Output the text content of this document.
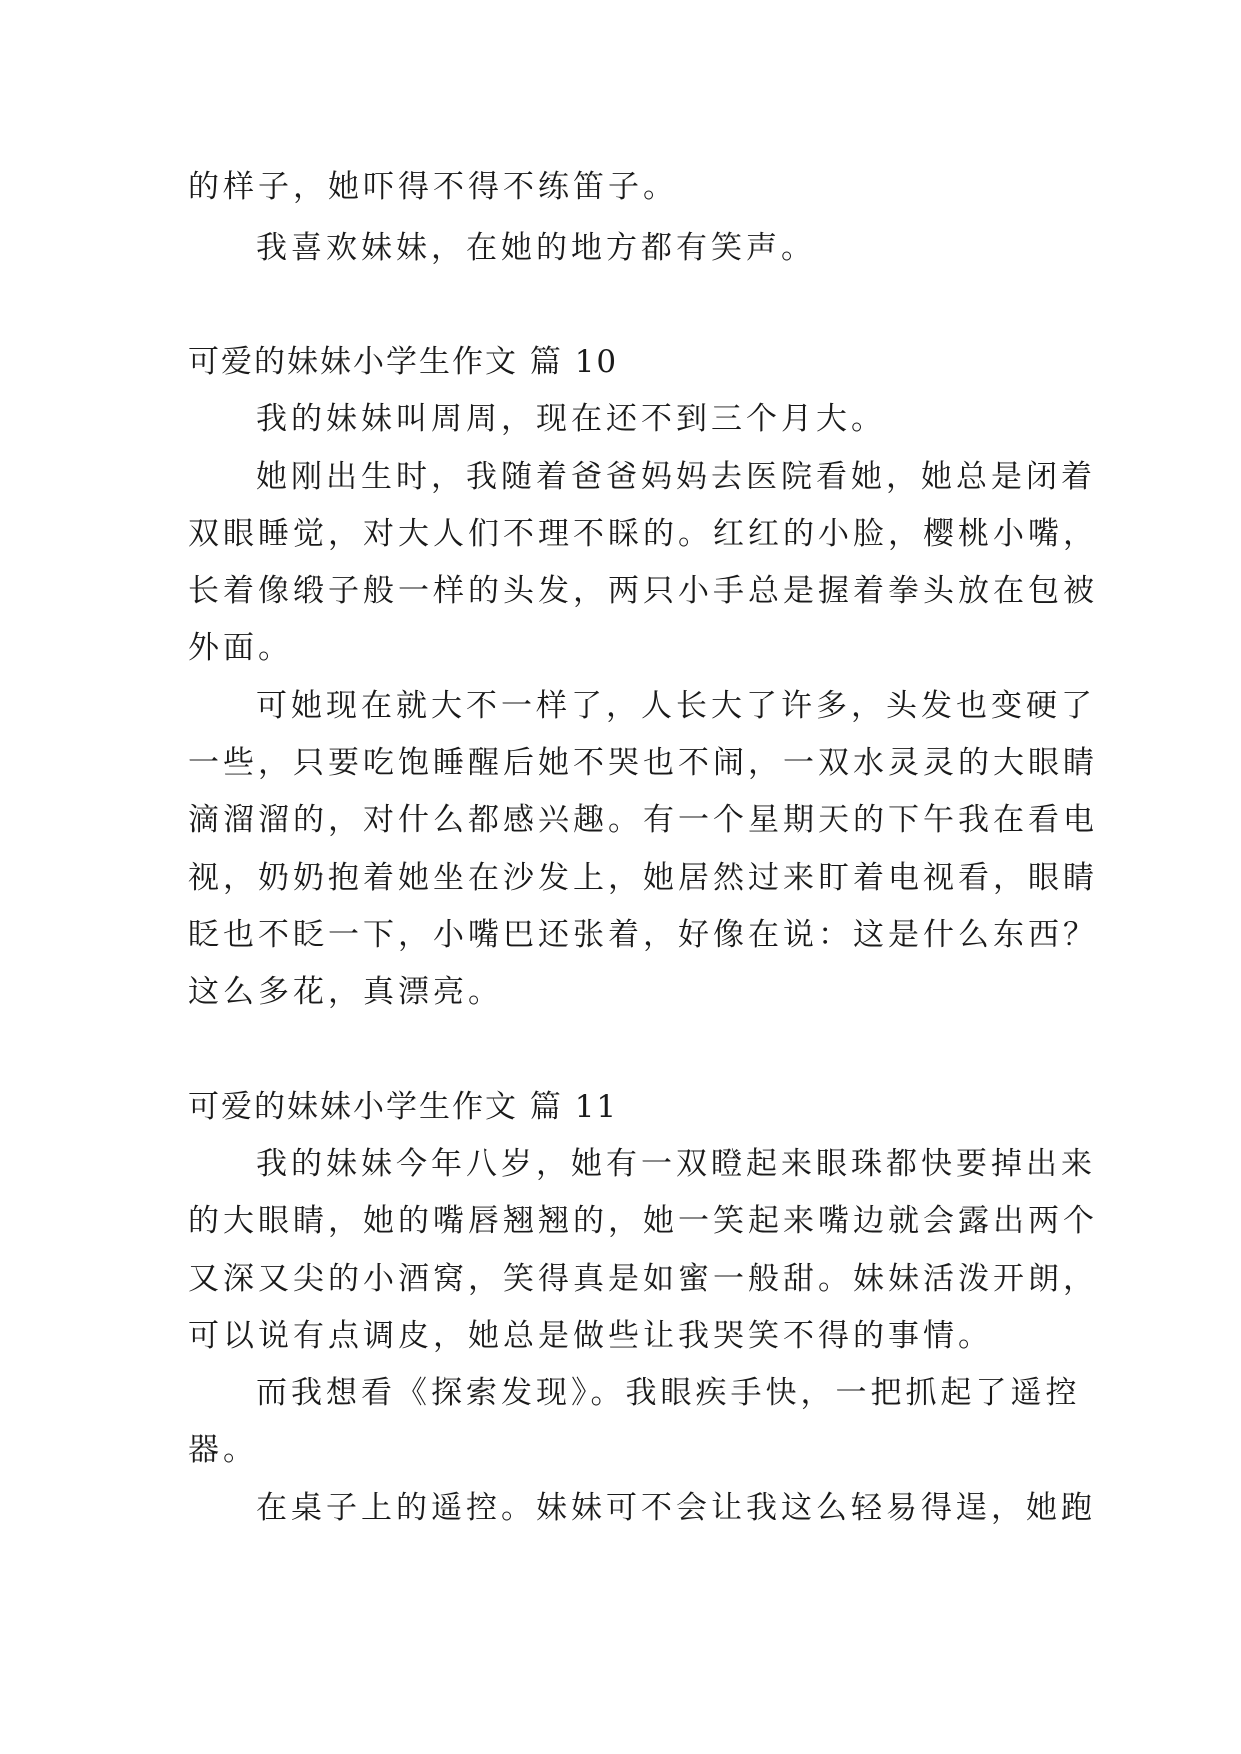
的样子，她吓得不得不练笛子。
我喜欢妹妹，在她的地方都有笑声。
可爱的妹妹小学生作文 篇 10
我的妹妹叫周周，现在还不到三个月大。
她刚出生时，我随着爸爸妈妈去医院看她，她总是闭着
双眼睡觉，对大人们不理不睬的。红红的小脸，樱桃小嘴，
长着像缎子般一样的头发，两只小手总是握着拳头放在包被
外面。
可她现在就大不一样了，人长大了许多，头发也变硬了
一些，只要吃饱睡醒后她不哭也不闹，一双水灵灵的大眼睛
滴溜溜的，对什么都感兴趣。有一个星期天的下午我在看电
视，奶奶抱着她坐在沙发上，她居然过来盯着电视看，眼睛
眨也不眨一下，小嘴巴还张着，好像在说：这是什么东西？
这么多花，真漂亮。
可爱的妹妹小学生作文 篇 11
我的妹妹今年八岁，她有一双瞪起来眼珠都快要掉出来
的大眼睛，她的嘴唇翘翘的，她一笑起来嘴边就会露出两个
又深又尖的小酒窝，笑得真是如蜜一般甜。妹妹活泼开朗，
可以说有点调皮，她总是做些让我哭笑不得的事情。
而我想看《探索发现》。我眼疾手快，一把抓起了遥控
器。
在桌子上的遥控。妹妹可不会让我这么轻易得逞，她跑
